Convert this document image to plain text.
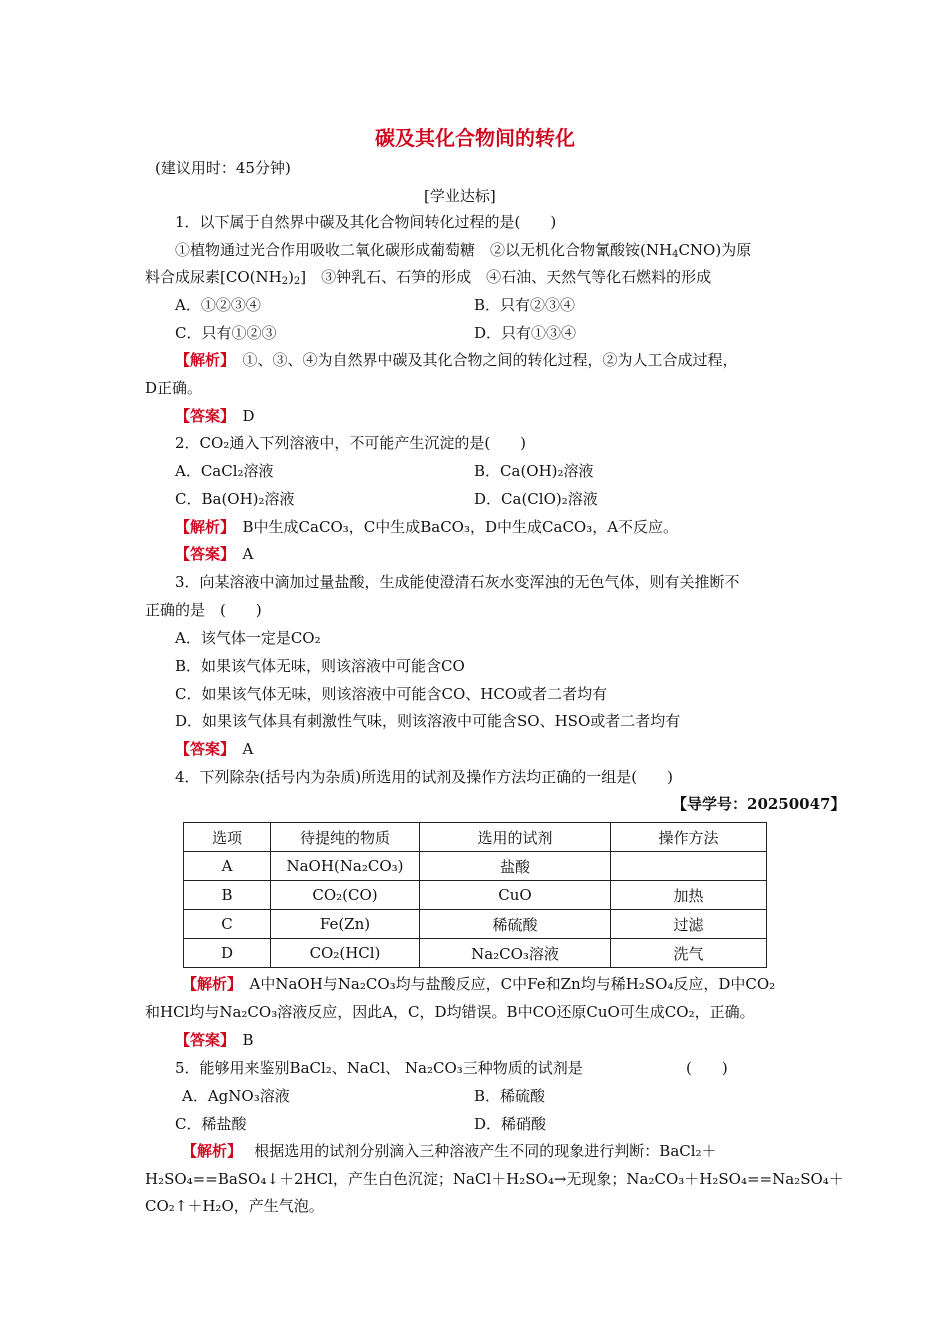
碳及其化合物间的转化
(建议用时：45分钟)
[学业达标]
1．以下属于自然界中碳及其化合物间转化过程的是(　　)
①植物通过光合作用吸收二氧化碳形成葡萄糖　②以无机化合物氰酸铵$(NH_4CNO)$为原
料合成尿素$[CO(NH_2)_2]$　③钟乳石、石笋的形成　④石油、天然气等化石燃料的形成
A．①②③④	B．只有②③④
C．只有①②③	D．只有①③④
【解析】　 ①、③、④为自然界中碳及其化合物之间的转化过程，②为人工合成过程，
D正确。
【答案】　 D
2．CO₂通入下列溶液中，不可能产生沉淀的是(　　)
A．CaCl₂溶液	B．Ca(OH)₂溶液
C．Ba(OH)₂溶液	D．Ca(ClO)₂溶液
【解析】　 B中生成CaCO₃，C中生成BaCO₃，D中生成CaCO₃，A不反应。
【答案】　 A
3．向某溶液中滴加过量盐酸，生成能使澄清石灰水变浑浊的无色气体，则有关推断不
正确的是　(　　)
A．该气体一定是CO₂
B．如果该气体无味，则该溶液中可能含CO
C．如果该气体无味，则该溶液中可能含CO、HCO或者二者均有
D．如果该气体具有刺激性气味，则该溶液中可能含SO、HSO或者二者均有
【答案】　 A
4．下列除杂(括号内为杂质)所选用的试剂及操作方法均正确的一组是(　　)
【导学号：20250047】
选项	待提纯的物质	选用的试剂	操作方法
A	NaOH(Na₂CO₃)	盐酸	
B	CO₂(CO)	CuO	加热
C	Fe(Zn)	稀硫酸	过滤
D	CO₂(HCl)	Na₂CO₃溶液	洗气
【解析】　 A中NaOH与Na₂CO₃均与盐酸反应，C中Fe和Zn均与稀H₂SO₄反应，D中CO₂
和HCl均与Na₂CO₃溶液反应，因此A，C，D均错误。B中CO还原CuO可生成CO₂，正确。
【答案】　 B
5．能够用来鉴别BaCl₂、NaCl、 Na₂CO₃三种物质的试剂是	(　　)
A．AgNO₃溶液	B．稀硫酸
C．稀盐酸	D．稀硝酸
【解析】　 根据选用的试剂分别滴入三种溶液产生不同的现象进行判断：BaCl₂＋
H₂SO₄==BaSO₄↓＋2HCl，产生白色沉淀；NaCl＋H₂SO₄→无现象；Na₂CO₃＋H₂SO₄==Na₂SO₄＋
CO₂↑＋H₂O，产生气泡。
